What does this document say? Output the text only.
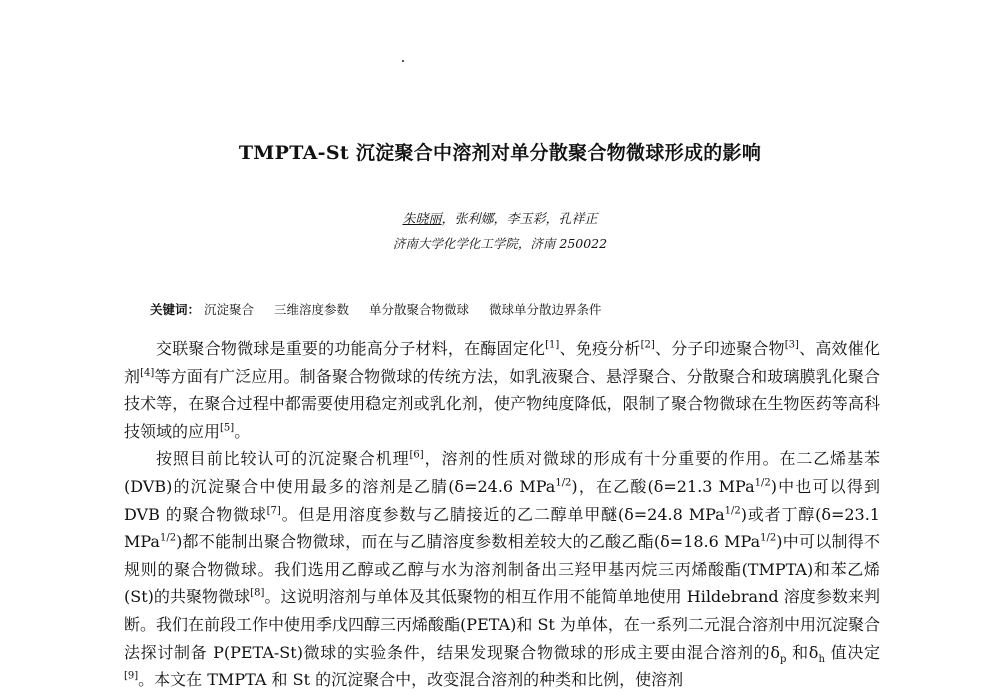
TMPTA-St 沉淀聚合中溶剂对单分散聚合物微球形成的影响
朱晓丽，张利娜，李玉彩，孔祥正
济南大学化学化工学院，济南 250022
关键词： 沉淀聚合 三维溶度参数 单分散聚合物微球 微球单分散边界条件

交联聚合物微球是重要的功能高分子材料，在酶固定化[1]、免疫分析[2]、分子印迹聚合物[3]、高效催化剂[4]等方面有广泛应用。制备聚合物微球的传统方法，如乳液聚合、悬浮聚合、分散聚合和玻璃膜乳化聚合技术等，在聚合过程中都需要使用稳定剂或乳化剂，使产物纯度降低，限制了聚合物微球在生物医药等高科技领域的应用[5]。

按照目前比较认可的沉淀聚合机理[6]，溶剂的性质对微球的形成有十分重要的作用。在二乙烯基苯(DVB)的沉淀聚合中使用最多的溶剂是乙腈(δ=24.6 MPa$^{1/2}$)，在乙酸(δ=21.3 MPa$^{1/2}$)中也可以得到 DVB 的聚合物微球[7]。但是用溶度参数与乙腈接近的乙二醇单甲醚(δ=24.8 MPa$^{1/2}$)或者丁醇(δ=23.1 MPa$^{1/2}$)都不能制出聚合物微球，而在与乙腈溶度参数相差较大的乙酸乙酯(δ=18.6 MPa$^{1/2}$)中可以制得不规则的聚合物微球。我们选用乙醇或乙醇与水为溶剂制备出三羟甲基丙烷三丙烯酸酯(TMPTA)和苯乙烯(St)的共聚物微球[8]。这说明溶剂与单体及其低聚物的相互作用不能简单地使用 Hildebrand 溶度参数来判断。我们在前段工作中使用季戊四醇三丙烯酸酯(PETA)和 St 为单体，在一系列二元混合溶剂中用沉淀聚合法探讨制备 P(PETA-St)微球的实验条件，结果发现聚合物微球的形成主要由混合溶剂的$\delta_p$ 和$\delta_h$ 值决定[9]。本文在 TMPTA 和 St 的沉淀聚合中，改变混合溶剂的种类和比例，使溶剂
